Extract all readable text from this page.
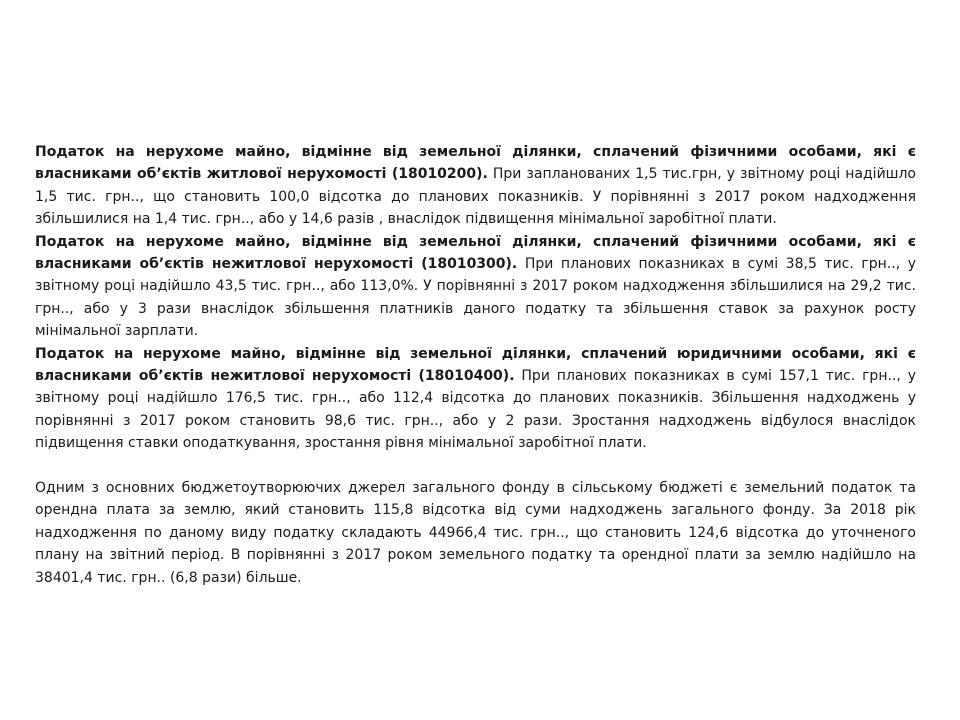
Податок на нерухоме майно, відмінне від земельної ділянки, сплачений фізичними особами, які є власниками об’єктів житлової нерухомості (18010200). При запланованих 1,5 тис.грн, у звітному році надійшло 1,5 тис. грн.., що становить 100,0 відсотка до планових показників. У порівнянні з 2017 роком надходження збільшилися на 1,4 тис. грн.., або у 14,6 разів , внаслідок підвищення мінімальної заробітної плати.

Податок на нерухоме майно, відмінне від земельної ділянки, сплачений фізичними особами, які є власниками об’єктів нежитлової нерухомості (18010300). При планових показниках в сумі 38,5 тис. грн.., у звітному році надійшло 43,5 тис. грн.., або 113,0%. У порівнянні з 2017 роком надходження збільшилися на 29,2 тис. грн.., або у 3 рази внаслідок збільшення платників даного податку та збільшення ставок за рахунок росту мінімальної зарплати.

Податок на нерухоме майно, відмінне від земельної ділянки, сплачений юридичними особами, які є власниками об’єктів нежитлової нерухомості (18010400). При планових показниках в сумі 157,1 тис. грн.., у звітному році надійшло 176,5 тис. грн.., або 112,4 відсотка до планових показників. Збільшення надходжень у порівнянні з 2017 роком становить 98,6 тис. грн.., або у 2 рази. Зростання надходжень відбулося внаслідок підвищення ставки оподаткування, зростання рівня мінімальної заробітної плати.

Одним з основних бюджетоутворюючих джерел загального фонду в сільському бюджеті є земельний податок та орендна плата за землю, який становить 115,8 відсотка від суми надходжень загального фонду. За 2018 рік надходження по даному виду податку складають 44966,4 тис. грн.., що становить 124,6 відсотка до уточненого плану на звітний період. В порівнянні з 2017 роком земельного податку та орендної плати за землю надійшло на 38401,4 тис. грн.. (6,8 рази) більше.
